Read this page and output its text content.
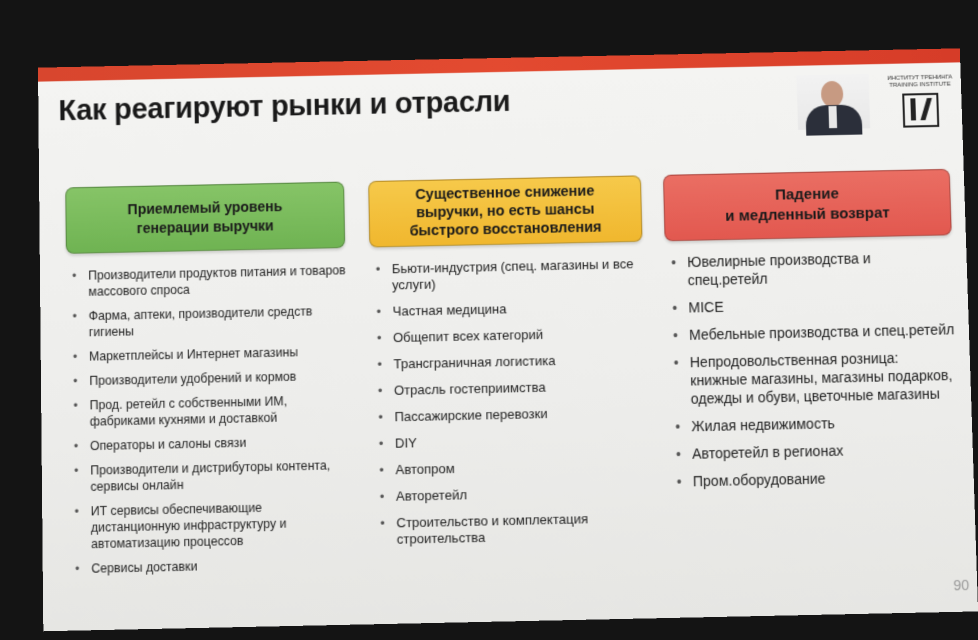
Как реагируют рынки и отрасли
ИНСТИТУТ ТРЕНИНГА
TRAINING INSTITUTE
Приемлемый уровень
генерации выручки
• Производители продуктов питания и товаров массового спроса
• Фарма, аптеки, производители средств гигиены
• Маркетплейсы и Интернет магазины
• Производители удобрений и кормов
• Прод. ретейл с собственными ИМ, фабриками кухнями и доставкой
• Операторы и салоны связи
• Производители и дистрибуторы контента, сервисы онлайн
• ИТ сервисы обеспечивающие дистанционную инфраструктуру и автоматизацию процессов
• Сервисы доставки
Существенное снижение
выручки, но есть шансы
быстрого восстановления
• Бьюти-индустрия (спец. магазины и все услуги)
• Частная медицина
• Общепит всех категорий
• Трансграничная логистика
• Отрасль гостеприимства
• Пассажирские перевозки
• DIY
• Автопром
• Авторетейл
• Строительство и комплектация строительства
Падение
и медленный возврат
• Ювелирные производства и спец.ретейл
• MICE
• Мебельные производства и спец.ретейл
• Непродовольственная розница: книжные магазины, магазины подарков, одежды и обуви, цветочные магазины
• Жилая недвижимость
• Авторетейл в регионах
• Пром.оборудование
90
